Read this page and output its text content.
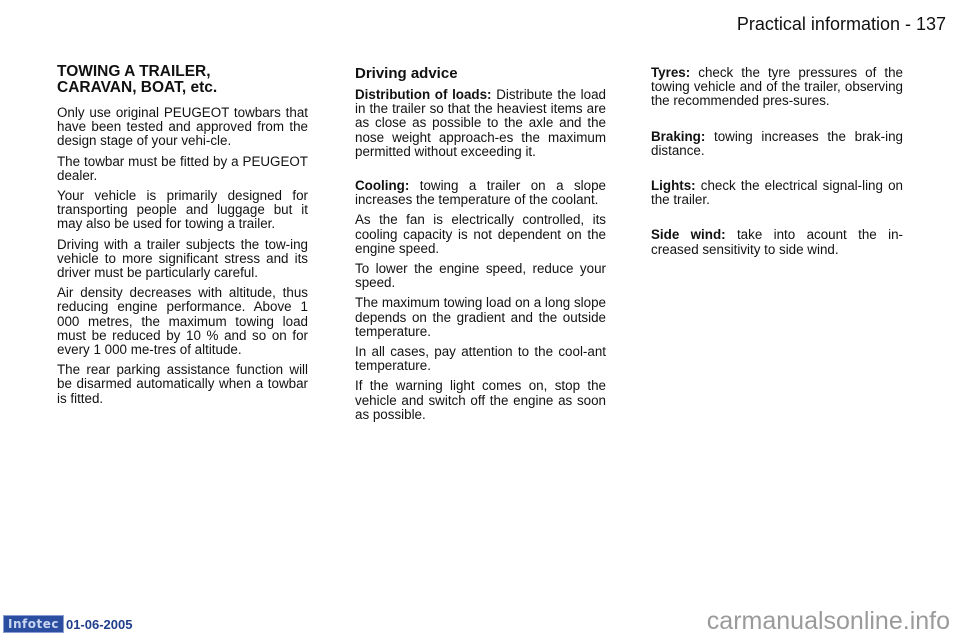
Practical information - 137
TOWING A TRAILER,
CARAVAN, BOAT, etc.

Only use original PEUGEOT towbars that have been tested and approved from the design stage of your vehi-cle.

The towbar must be fitted by a PEUGEOT dealer.

Your vehicle is primarily designed for transporting people and luggage but it may also be used for towing a trailer.

Driving with a trailer subjects the tow-ing vehicle to more significant stress and its driver must be particularly careful.

Air density decreases with altitude, thus reducing engine performance. Above 1 000 metres, the maximum towing load must be reduced by 10 % and so on for every 1 000 me-tres of altitude.

The rear parking assistance function will be disarmed automatically when a towbar is fitted.

Driving advice

Distribution of loads: Distribute the load in the trailer so that the heaviest items are as close as possible to the axle and the nose weight approach-es the maximum permitted without exceeding it.

Cooling: towing a trailer on a slope increases the temperature of the coolant.

As the fan is electrically controlled, its cooling capacity is not dependent on the engine speed.

To lower the engine speed, reduce your speed.

The maximum towing load on a long slope depends on the gradient and the outside temperature.

In all cases, pay attention to the cool-ant temperature.

If the warning light comes on, stop the vehicle and switch off the engine as soon as possible.

Tyres: check the tyre pressures of the towing vehicle and of the trailer, observing the recommended pres-sures.

Braking: towing increases the brak-ing distance.

Lights: check the electrical signal-ling on the trailer.

Side wind: take into acount the in-creased sensitivity to side wind.

Infotec 01-06-2005	carmanualsonline.info
